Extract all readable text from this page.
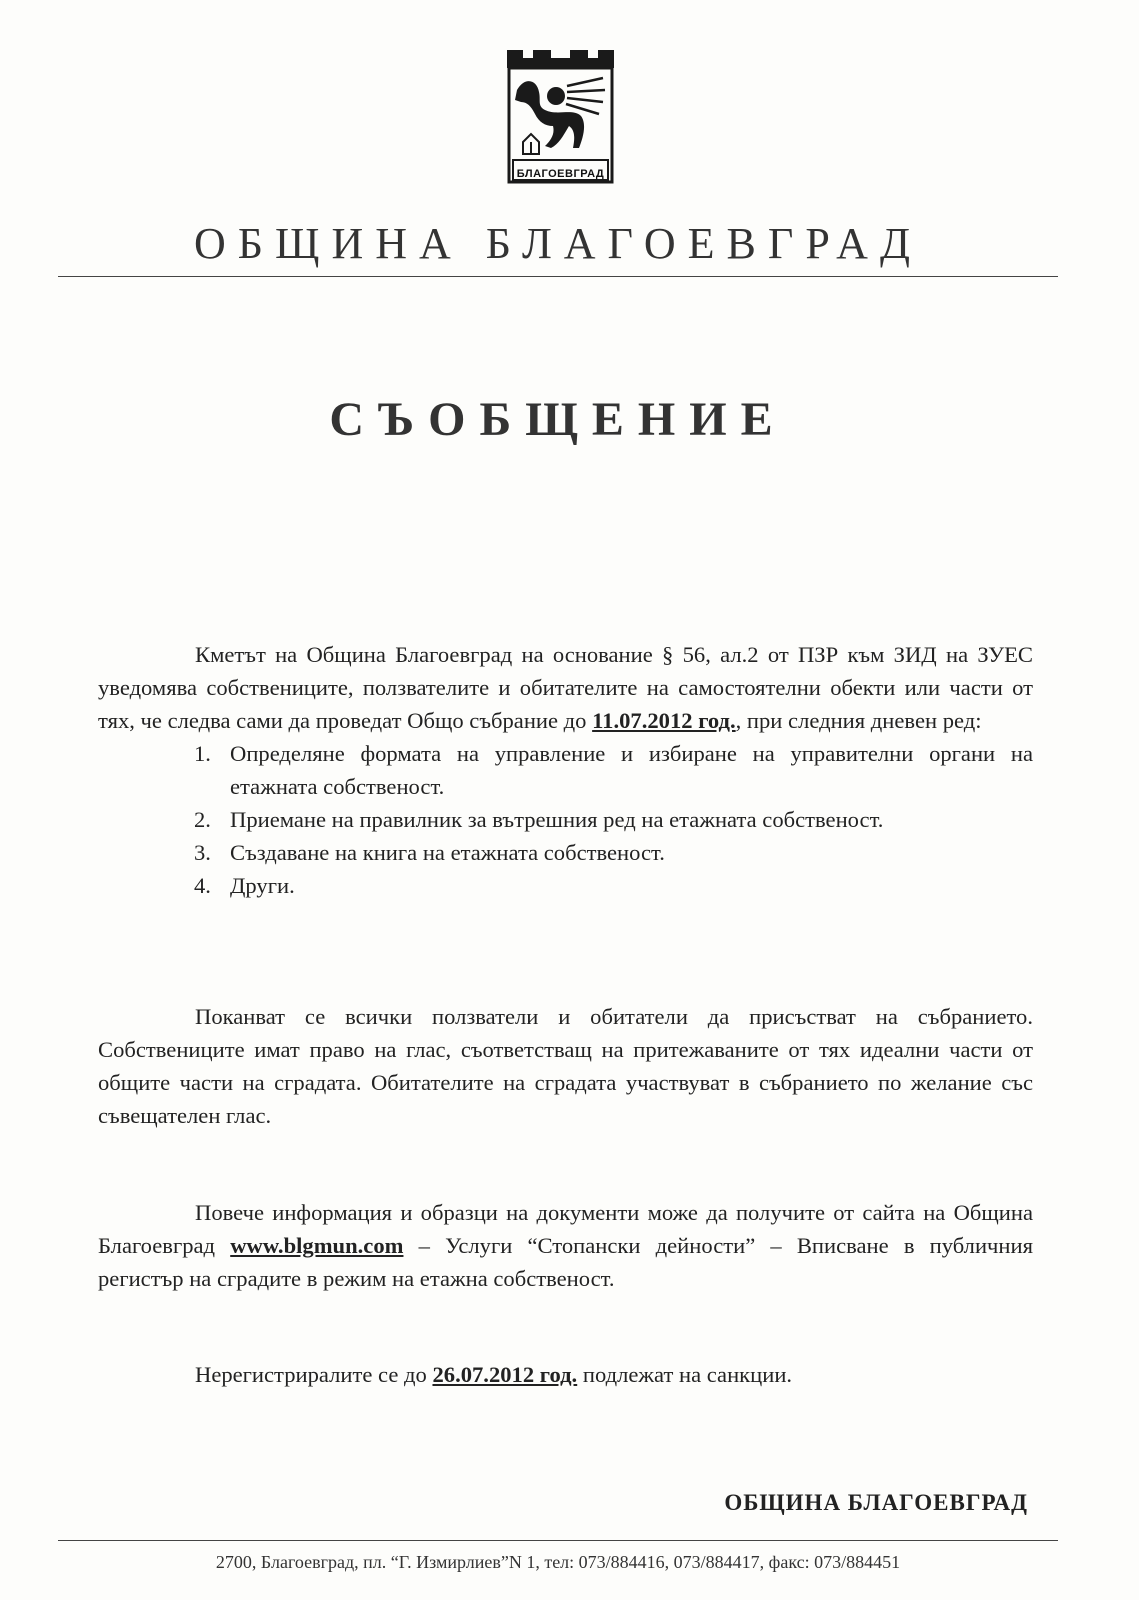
БЛАГОЕВГРАД
ОБЩИНА БЛАГОЕВГРАД
СЪОБЩЕНИЕ
Кметът на Община Благоевград на основание § 56, ал.2 от ПЗР към ЗИД на ЗУЕС уведомява собствениците, ползвателите и обитателите на самостоятелни обекти или части от тях, че следва сами да проведат Общо събрание до 11.07.2012 год., при следния дневен ред:
1. Определяне формата на управление и избиране на управителни органи на етажната собственост.
2. Приемане на правилник за вътрешния ред на етажната собственост.
3. Създаване на книга на етажната собственост.
4. Други.
Поканват се всички ползватели и обитатели да присъстват на събранието. Собствениците имат право на глас, съответстващ на притежаваните от тях идеални части от общите части на сградата. Обитателите на сградата участвуват в събранието по желание със съвещателен глас.
Повече информация и образци на документи може да получите от сайта на Община Благоевград www.blgmun.com – Услуги “Стопански дейности” – Вписване в публичния регистър на сградите в режим на етажна собственост.
Нерегистриралите се до 26.07.2012 год. подлежат на санкции.
ОБЩИНА БЛАГОЕВГРАД
2700, Благоевград, пл. “Г. Измирлиев”N 1, тел: 073/884416, 073/884417, факс: 073/884451
